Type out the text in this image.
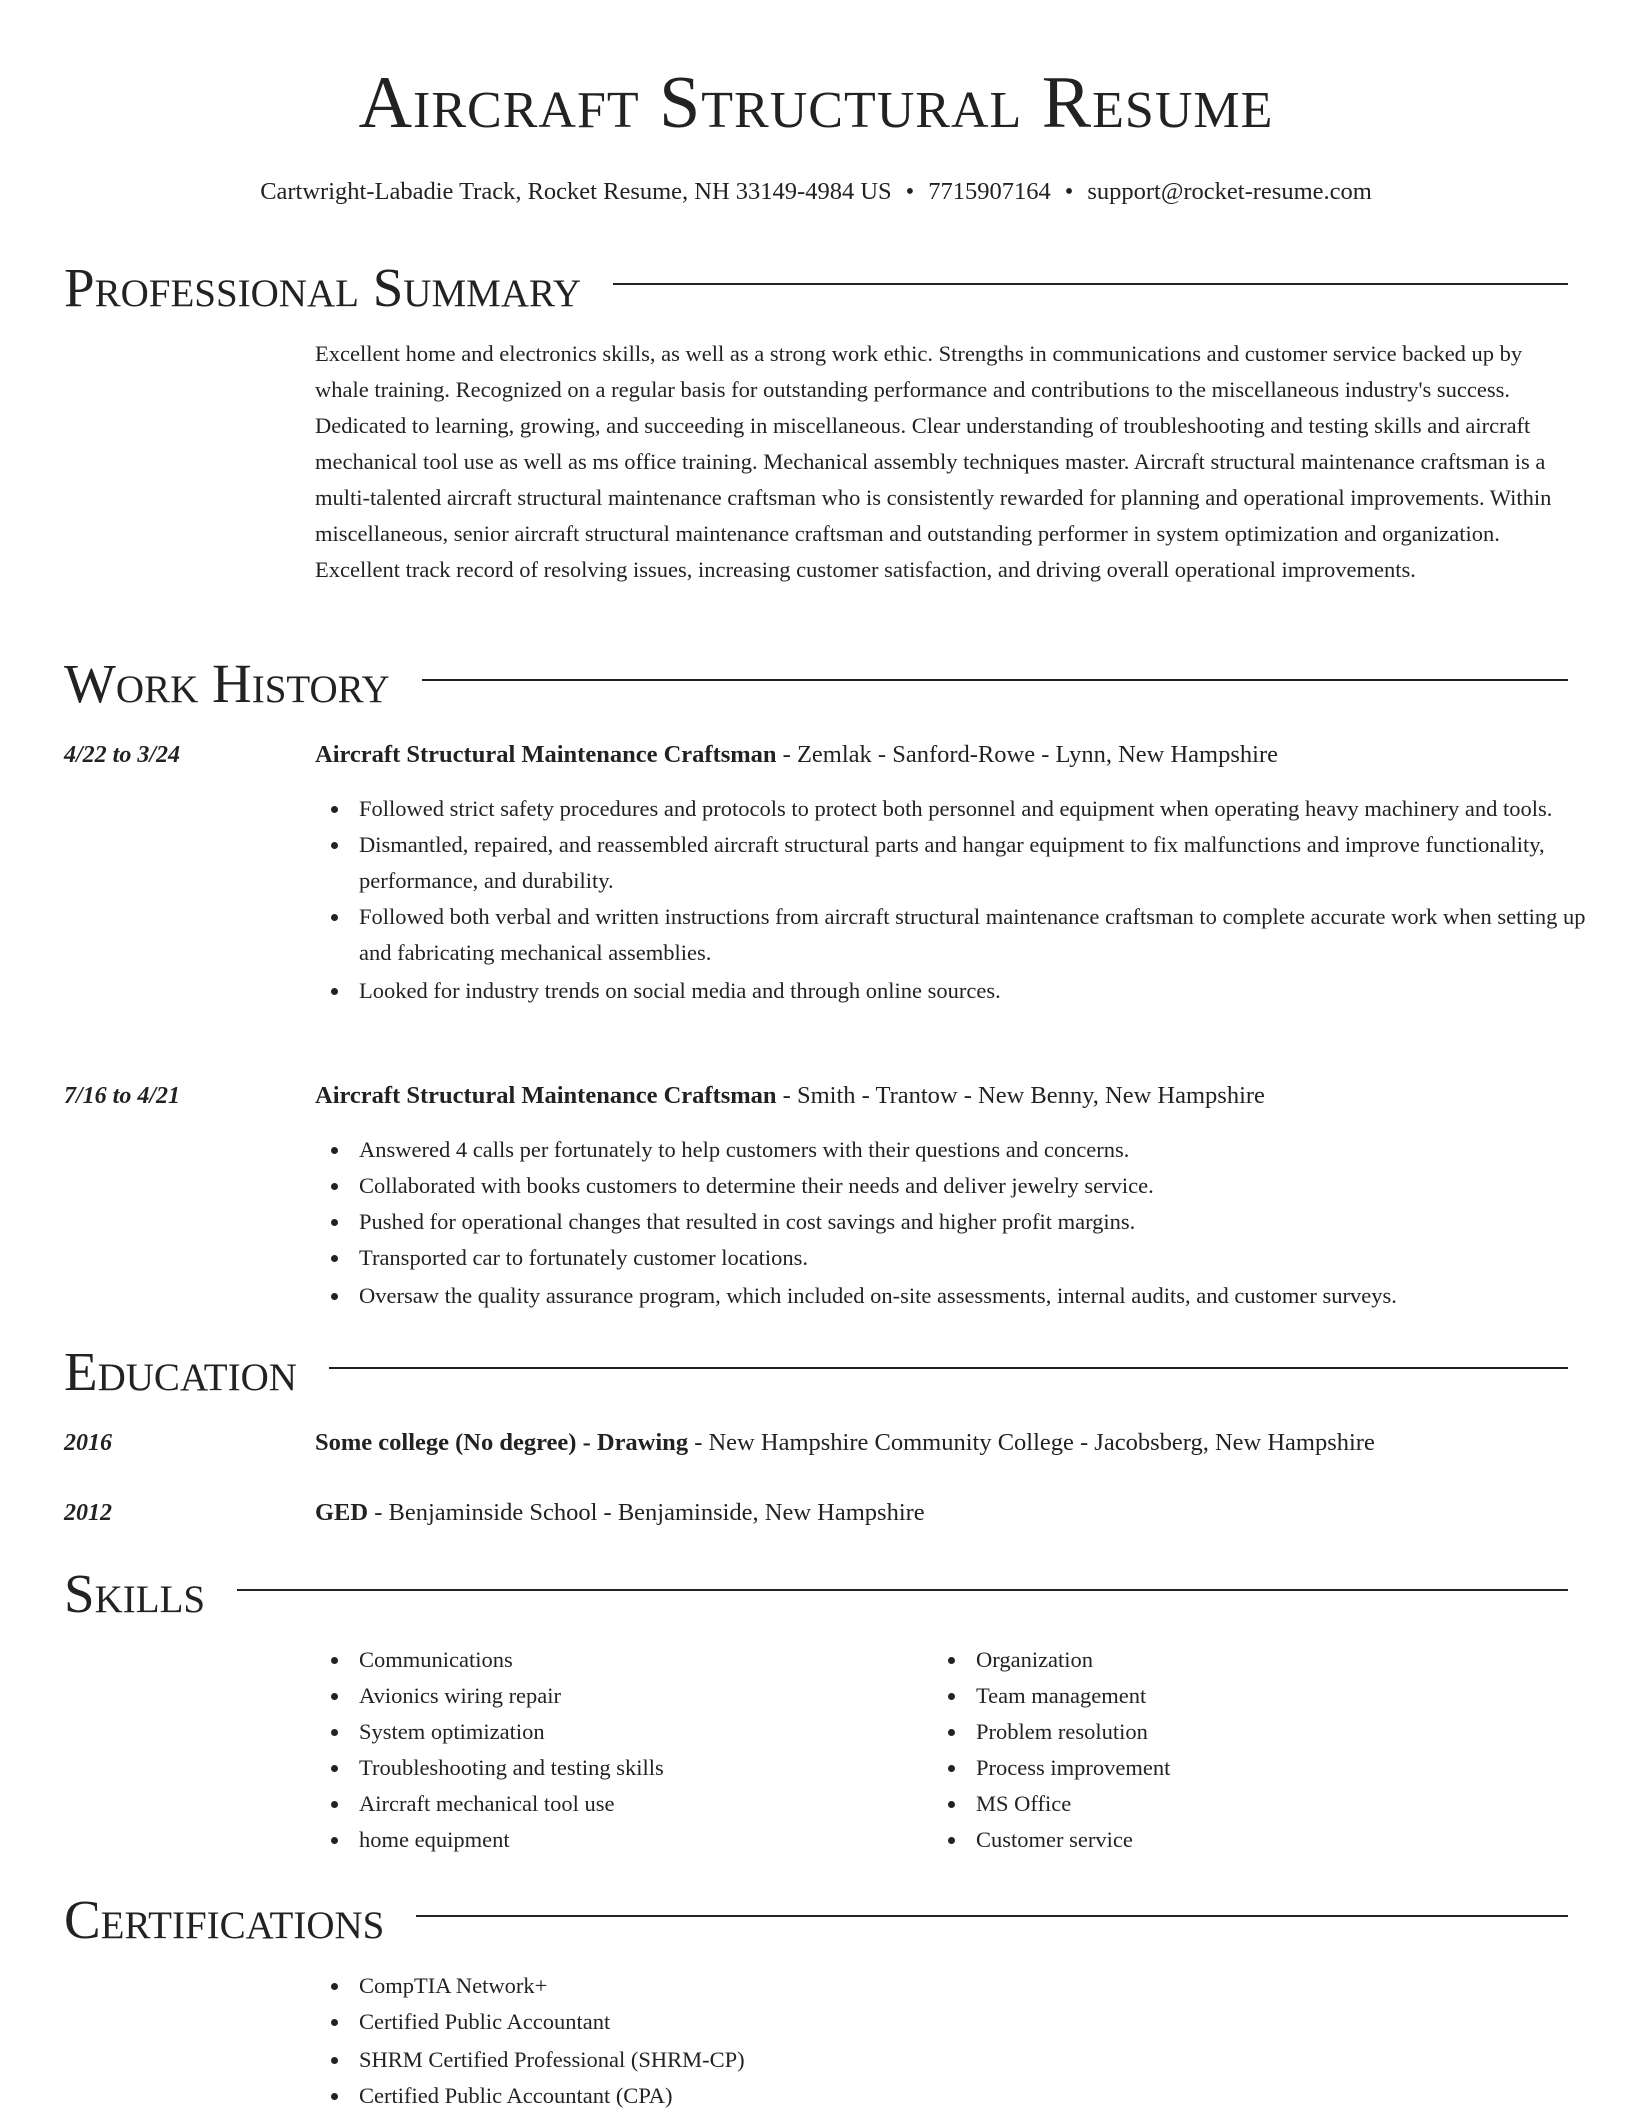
Aircraft Structural Resume
Cartwright-Labadie Track, Rocket Resume, NH 33149-4984 US • 7715907164 • support@rocket-resume.com
Professional Summary

Excellent home and electronics skills, as well as a strong work ethic. Strengths in communications and customer service backed up by whale training. Recognized on a regular basis for outstanding performance and contributions to the miscellaneous industry's success. Dedicated to learning, growing, and succeeding in miscellaneous. Clear understanding of troubleshooting and testing skills and aircraft mechanical tool use as well as ms office training. Mechanical assembly techniques master. Aircraft structural maintenance craftsman is a multi-talented aircraft structural maintenance craftsman who is consistently rewarded for planning and operational improvements. Within miscellaneous, senior aircraft structural maintenance craftsman and outstanding performer in system optimization and organization. Excellent track record of resolving issues, increasing customer satisfaction, and driving overall operational improvements.

Work History
4/22 to 3/24	Aircraft Structural Maintenance Craftsman - Zemlak - Sanford-Rowe - Lynn, New Hampshire
Followed strict safety procedures and protocols to protect both personnel and equipment when operating heavy machinery and tools.
Dismantled, repaired, and reassembled aircraft structural parts and hangar equipment to fix malfunctions and improve functionality, performance, and durability.
Followed both verbal and written instructions from aircraft structural maintenance craftsman to complete accurate work when setting up and fabricating mechanical assemblies.
Looked for industry trends on social media and through online sources.
7/16 to 4/21	Aircraft Structural Maintenance Craftsman - Smith - Trantow - New Benny, New Hampshire
Answered 4 calls per fortunately to help customers with their questions and concerns.
Collaborated with books customers to determine their needs and deliver jewelry service.
Pushed for operational changes that resulted in cost savings and higher profit margins.
Transported car to fortunately customer locations.
Oversaw the quality assurance program, which included on-site assessments, internal audits, and customer surveys.
Education
2016	Some college (No degree) - Drawing - New Hampshire Community College - Jacobsberg, New Hampshire
2012	GED - Benjaminside School - Benjaminside, New Hampshire
Skills
Communications
Avionics wiring repair
System optimization
Troubleshooting and testing skills
Aircraft mechanical tool use
home equipment
Organization
Team management
Problem resolution
Process improvement
MS Office
Customer service
Certifications
CompTIA Network+
Certified Public Accountant
SHRM Certified Professional (SHRM-CP)
Certified Public Accountant (CPA)
